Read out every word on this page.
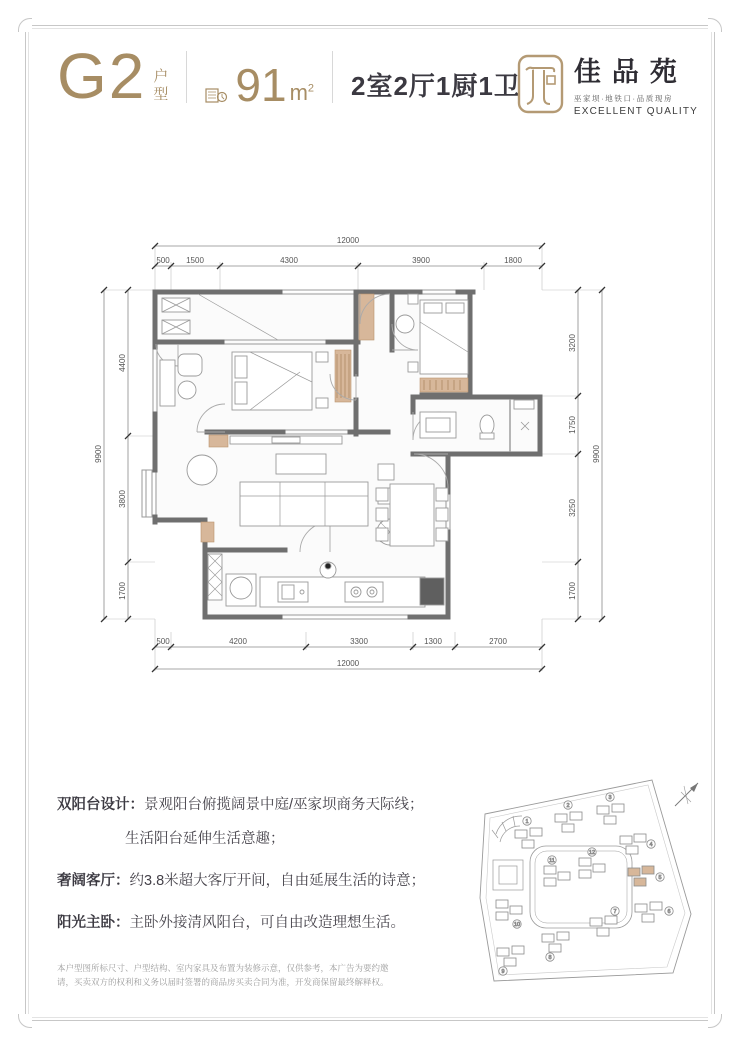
G2 户
型 91 $m^2$ 2室2厅1厨1卫 佳品苑
巫家坝·地铁口·品质现房
EXCELLENT QUALITY
12000
500 1500	4300	3900	1800
500	4200	3300	1300	2700
12000
9900
4400
3800
1700
9900
3200
1750
3250
1700

双阳台设计：景观阳台俯揽阔景中庭/巫家坝商务天际线；

生活阳台延伸生活意趣；

奢阔客厅：约3.8米超大客厅开间，自由延展生活的诗意；

阳光主卧：主卧外接清风阳台，可自由改造理想生活。

本户型图所标尺寸、户型结构、室内家具及布置为装修示意，仅供参考，本广告为要约邀请，买卖双方的权利和义务以届时签署的商品房买卖合同为准，开发商保留最终解释权。
1
2
3
4
5
6
7
8
9
10
11
12
